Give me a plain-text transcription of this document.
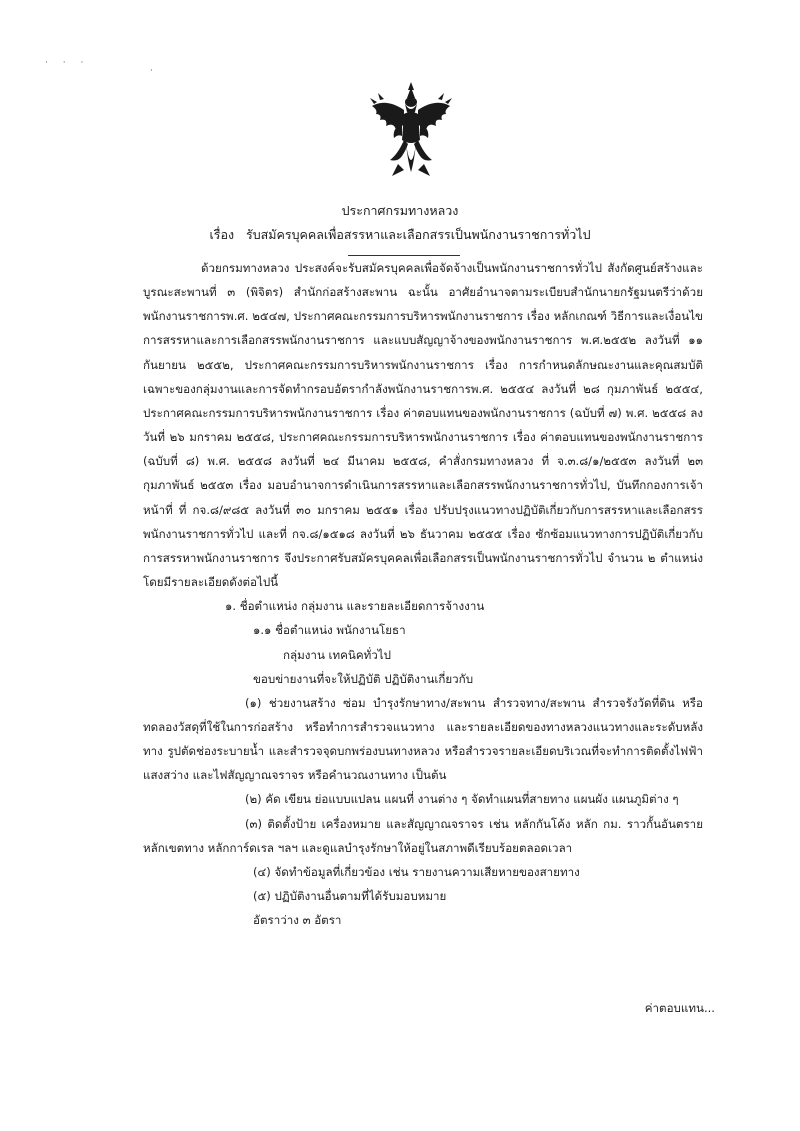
· · ·
·
ประกาศกรมทางหลวง
เรื่อง รับสมัครบุคคลเพื่อสรรหาและเลือกสรรเป็นพนักงานราชการทั่วไป

ด้วยกรมทางหลวง ประสงค์จะรับสมัครบุคคลเพื่อจัดจ้างเป็นพนักงานราชการทั่วไป สังกัดศูนย์สร้างและบูรณะสะพานที่ ๓ (พิจิตร) สำนักก่อสร้างสะพาน ฉะนั้น อาศัยอำนาจตามระเบียบสำนักนายกรัฐมนตรีว่าด้วยพนักงานราชการพ.ศ. ๒๕๔๗, ประกาศคณะกรรมการบริหารพนักงานราชการ เรื่อง หลักเกณฑ์ วิธีการและเงื่อนไขการสรรหาและการเลือกสรรพนักงานราชการ และแบบสัญญาจ้างของพนักงานราชการ พ.ศ.๒๕๕๒ ลงวันที่ ๑๑ กันยายน ๒๕๕๒, ประกาศคณะกรรมการบริหารพนักงานราชการ เรื่อง การกำหนดลักษณะงานและคุณสมบัติเฉพาะของกลุ่มงานและการจัดทำกรอบอัตรากำลังพนักงานราชการพ.ศ. ๒๕๕๔ ลงวันที่ ๒๘ กุมภาพันธ์ ๒๕๕๔, ประกาศคณะกรรมการบริหารพนักงานราชการ เรื่อง ค่าตอบแทนของพนักงานราชการ (ฉบับที่ ๗) พ.ศ. ๒๕๕๘ ลงวันที่ ๒๖ มกราคม ๒๕๕๘, ประกาศคณะกรรมการบริหารพนักงานราชการ เรื่อง ค่าตอบแทนของพนักงานราชการ (ฉบับที่ ๘) พ.ศ. ๒๕๕๘ ลงวันที่ ๒๔ มีนาคม ๒๕๕๘, คำสั่งกรมทางหลวง ที่ จ.๓.๘/๑/๒๕๕๓ ลงวันที่ ๒๓ กุมภาพันธ์ ๒๕๕๓ เรื่อง มอบอำนาจการดำเนินการสรรหาและเลือกสรรพนักงานราชการทั่วไป, บันทึกกองการเจ้าหน้าที่ ที่ กจ.๘/๙๘๕ ลงวันที่ ๓๐ มกราคม ๒๕๕๑ เรื่อง ปรับปรุงแนวทางปฏิบัติเกี่ยวกับการสรรหาและเลือกสรรพนักงานราชการทั่วไป และที่ กจ.๘/๑๕๑๘ ลงวันที่ ๒๖ ธันวาคม ๒๕๕๕ เรื่อง ซักซ้อมแนวทางการปฏิบัติเกี่ยวกับการสรรหาพนักงานราชการ จึงประกาศรับสมัครบุคคลเพื่อเลือกสรรเป็นพนักงานราชการทั่วไป จำนวน ๒ ตำแหน่ง โดยมีรายละเอียดดังต่อไปนี้

๑. ชื่อตำแหน่ง กลุ่มงาน และรายละเอียดการจ้างงาน

๑.๑ ชื่อตำแหน่ง พนักงานโยธา

กลุ่มงาน เทคนิคทั่วไป

ขอบข่ายงานที่จะให้ปฏิบัติ ปฏิบัติงานเกี่ยวกับ

(๑) ช่วยงานสร้าง ซ่อม บำรุงรักษาทาง/สะพาน สำรวจทาง/สะพาน สำรวจรังวัดที่ดิน หรือทดลองวัสดุที่ใช้ในการก่อสร้าง หรือทำการสำรวจแนวทาง และรายละเอียดของทางหลวงแนวทางและระดับหลังทาง รูปตัดช่องระบายน้ำ และสำรวจจุดบกพร่องบนทางหลวง หรือสำรวจรายละเอียดบริเวณที่จะทำการติดตั้งไฟฟ้าแสงสว่าง และไฟสัญญาณจราจร หรือคำนวณงานทาง เป็นต้น

(๒) คัด เขียน ย่อแบบแปลน แผนที่ งานต่าง ๆ จัดทำแผนที่สายทาง แผนผัง แผนภูมิต่าง ๆ

(๓) ติดตั้งป้าย เครื่องหมาย และสัญญาณจราจร เช่น หลักกันโค้ง หลัก กม. ราวกั้นอันตราย หลักเขตทาง หลักการ์ดเรล ฯลฯ และดูแลบำรุงรักษาให้อยู่ในสภาพดีเรียบร้อยตลอดเวลา

(๔) จัดทำข้อมูลที่เกี่ยวข้อง เช่น รายงานความเสียหายของสายทาง

(๕) ปฏิบัติงานอื่นตามที่ได้รับมอบหมาย

อัตราว่าง ๓ อัตรา

ค่าตอบแทน...
